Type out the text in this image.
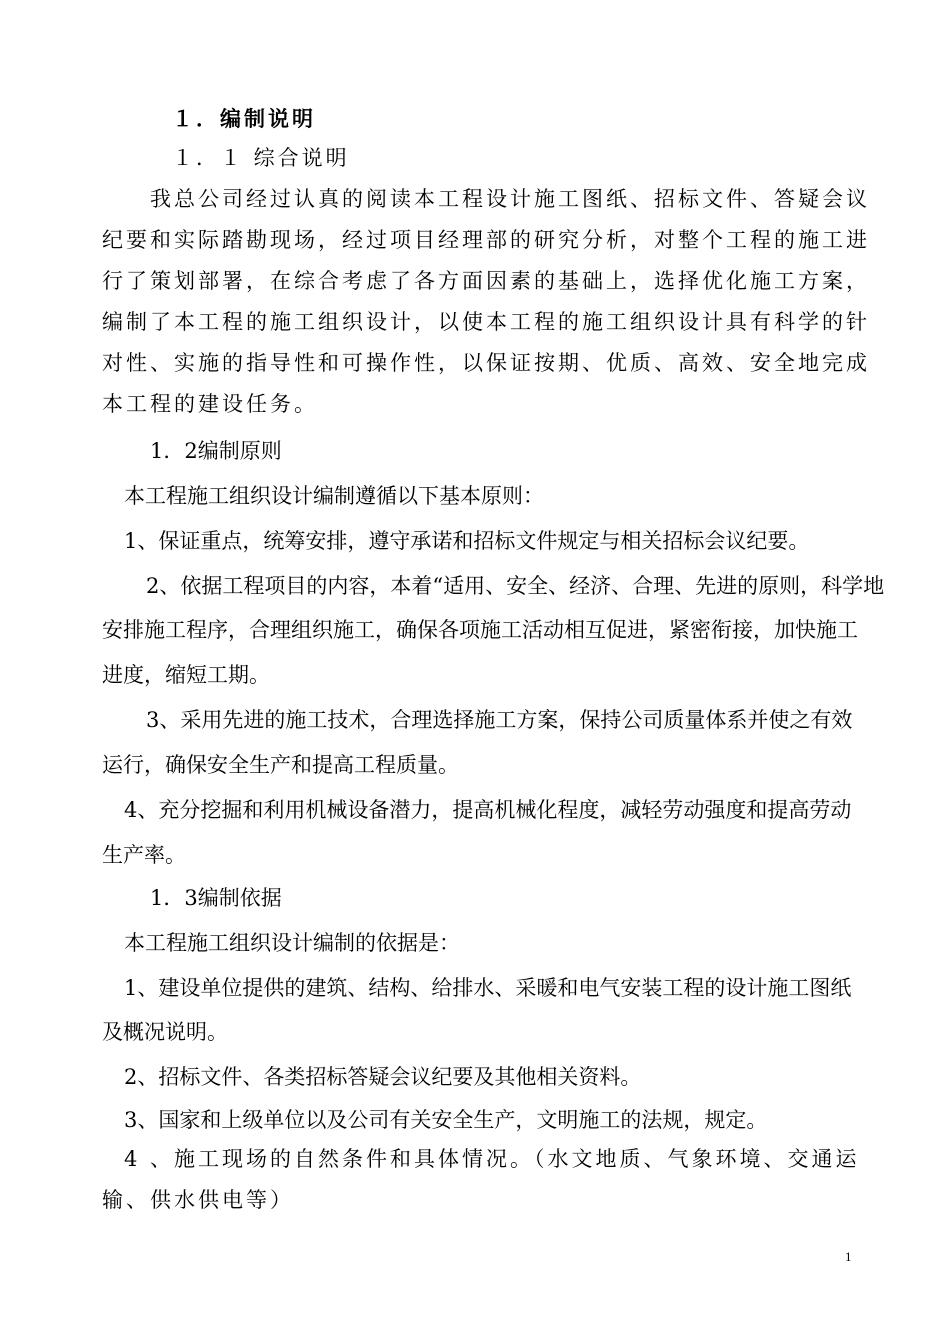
１．编制说明
１．１ 综合说明
我总公司经过认真的阅读本工程设计施工图纸、招标文件、答疑会议
纪要和实际踏勘现场，经过项目经理部的研究分析，对整个工程的施工进
行了策划部署，在综合考虑了各方面因素的基础上，选择优化施工方案，
编制了本工程的施工组织设计，以使本工程的施工组织设计具有科学的针
对性、实施的指导性和可操作性，以保证按期、优质、高效、安全地完成
本工程的建设任务。
1．2编制原则
本工程施工组织设计编制遵循以下基本原则：
1、保证重点，统筹安排，遵守承诺和招标文件规定与相关招标会议纪要。
2、依据工程项目的内容，本着“适用、安全、经济、合理、先进的原则，科学地
安排施工程序，合理组织施工，确保各项施工活动相互促进，紧密衔接，加快施工
进度，缩短工期。
3、采用先进的施工技术，合理选择施工方案，保持公司质量体系并使之有效
运行，确保安全生产和提高工程质量。
4、充分挖掘和利用机械设备潜力，提高机械化程度，减轻劳动强度和提高劳动
生产率。
1．3编制依据
本工程施工组织设计编制的依据是：
1、建设单位提供的建筑、结构、给排水、采暖和电气安装工程的设计施工图纸
及概况说明。
2、招标文件、各类招标答疑会议纪要及其他相关资料。
3、国家和上级单位以及公司有关安全生产，文明施工的法规，规定。
4 、施工现场的自然条件和具体情况。（水文地质、气象环境、交通运
输、供水供电等）
1
